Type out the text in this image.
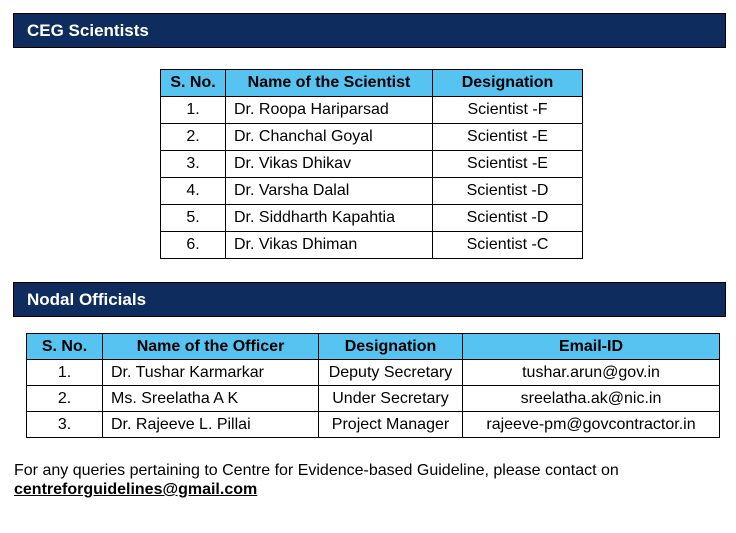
CEG Scientists
S. No.	Name of the Scientist	Designation
1.	Dr. Roopa Hariparsad	Scientist -F
2.	Dr. Chanchal Goyal	Scientist -E
3.	Dr. Vikas Dhikav	Scientist -E
4.	Dr. Varsha Dalal	Scientist -D
5.	Dr. Siddharth Kapahtia	Scientist -D
6.	Dr. Vikas Dhiman	Scientist -C
Nodal Officials
S. No.	Name of the Officer	Designation	Email-ID
1.	Dr. Tushar Karmarkar	Deputy Secretary	tushar.arun@gov.in
2.	Ms. Sreelatha A K	Under Secretary	sreelatha.ak@nic.in
3.	Dr. Rajeeve L. Pillai	Project Manager	rajeeve-pm@govcontractor.in
For any queries pertaining to Centre for Evidence-based Guideline, please contact on
centreforguidelines@gmail.com
